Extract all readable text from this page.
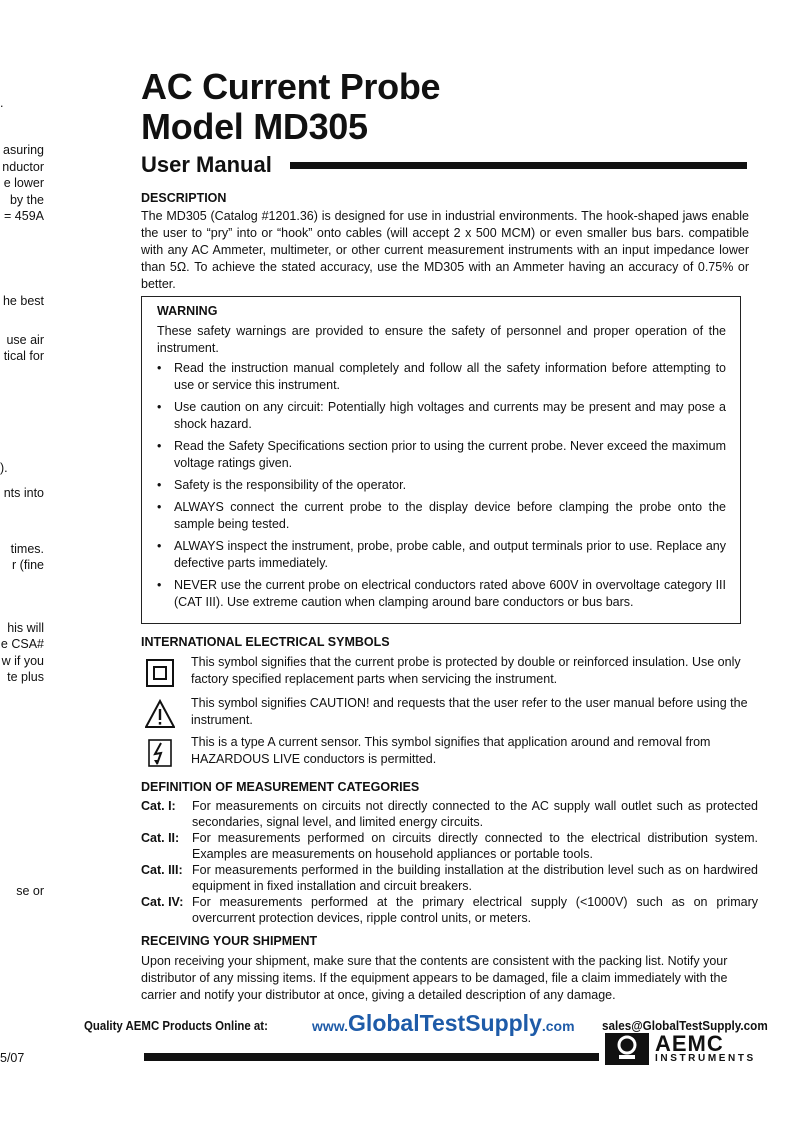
.
asuring
nductor
e lower
by the
= 459A
he best
use air
tical for
).
nts into
times.
r (fine
his will
e CSA#
w if you
te plus
se or
AC Current Probe
Model MD305
User Manual
DESCRIPTION
The MD305 (Catalog #1201.36) is designed for use in industrial environments. The hook-shaped jaws enable the user to “pry” into or “hook” onto cables (will accept 2 x 500 MCM) or even smaller bus bars. compatible with any AC Ammeter, multimeter, or other current measurement instruments with an input impedance lower than 5Ω. To achieve the stated accuracy, use the MD305 with an Ammeter having an accuracy of 0.75% or better.
WARNING
These safety warnings are provided to ensure the safety of personnel and proper operation of the instrument.
• Read the instruction manual completely and follow all the safety information before attempting to use or service this instrument.
• Use caution on any circuit: Potentially high voltages and currents may be present and may pose a shock hazard.
• Read the Safety Specifications section prior to using the current probe. Never exceed the maximum voltage ratings given.
• Safety is the responsibility of the operator.
• ALWAYS connect the current probe to the display device before clamping the probe onto the sample being tested.
• ALWAYS inspect the instrument, probe, probe cable, and output terminals prior to use. Replace any defective parts immediately.
• NEVER use the current probe on electrical conductors rated above 600V in overvoltage category III (CAT III). Use extreme caution when clamping around bare conductors or bus bars.
INTERNATIONAL ELECTRICAL SYMBOLS
This symbol signifies that the current probe is protected by double or reinforced insulation. Use only factory specified replacement parts when servicing the instrument.
This symbol signifies CAUTION! and requests that the user refer to the user manual before using the instrument.
This is a type A current sensor. This symbol signifies that application around and removal from HAZARDOUS LIVE conductors is permitted.
DEFINITION OF MEASUREMENT CATEGORIES
Cat. I: For measurements on circuits not directly connected to the AC supply wall outlet such as protected secondaries, signal level, and limited energy circuits.
Cat. II: For measurements performed on circuits directly connected to the electrical distribution system. Examples are measurements on household appliances or portable tools.
Cat. III: For measurements performed in the building installation at the distribution level such as on hardwired equipment in fixed installation and circuit breakers.
Cat. IV: For measurements performed at the primary electrical supply (<1000V) such as on primary overcurrent protection devices, ripple control units, or meters.
RECEIVING YOUR SHIPMENT
Upon receiving your shipment, make sure that the contents are consistent with the packing list. Notify your distributor of any missing items. If the equipment appears to be damaged, file a claim immediately with the carrier and notify your distributor at once, giving a detailed description of any damage.
Quality AEMC Products Online at:	www.GlobalTestSupply.com sales@GlobalTestSupply.com
AEMC
INSTRUMENTS
5/07
